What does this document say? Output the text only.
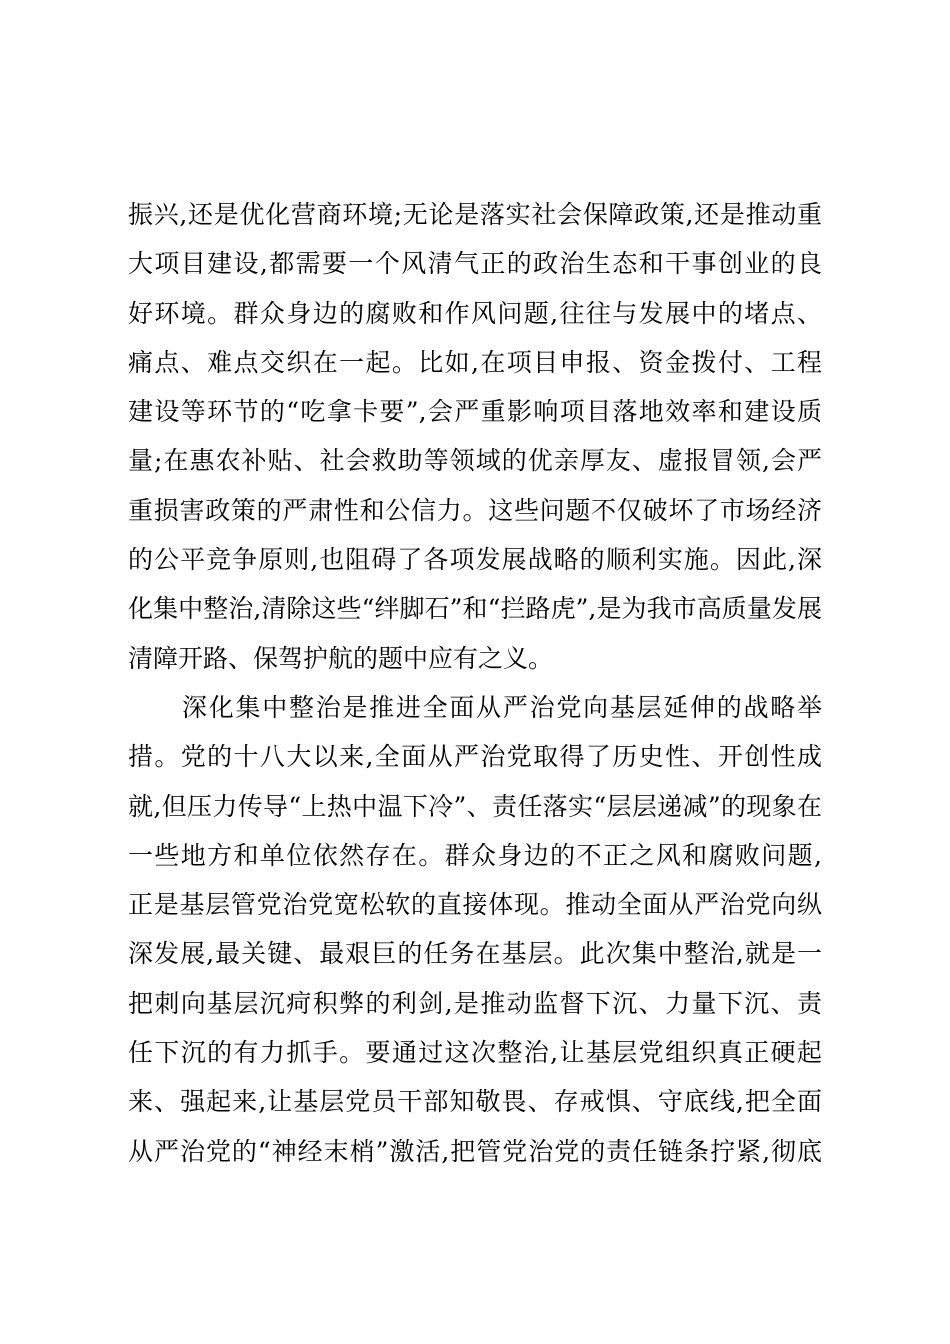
振兴,还是优化营商环境;无论是落实社会保障政策,还是推动重
大项目建设,都需要一个风清气正的政治生态和干事创业的良
好环境。群众身边的腐败和作风问题,往往与发展中的堵点、
痛点、难点交织在一起。比如,在项目申报、资金拨付、工程
建设等环节的“吃拿卡要”,会严重影响项目落地效率和建设质
量;在惠农补贴、社会救助等领域的优亲厚友、虚报冒领,会严
重损害政策的严肃性和公信力。这些问题不仅破坏了市场经济
的公平竞争原则,也阻碍了各项发展战略的顺利实施。因此,深
化集中整治,清除这些“绊脚石”和“拦路虎”,是为我市高质量发展
清障开路、保驾护航的题中应有之义。
深化集中整治是推进全面从严治党向基层延伸的战略举
措。党的十八大以来,全面从严治党取得了历史性、开创性成
就,但压力传导“上热中温下冷”、责任落实“层层递减”的现象在
一些地方和单位依然存在。群众身边的不正之风和腐败问题,
正是基层管党治党宽松软的直接体现。推动全面从严治党向纵
深发展,最关键、最艰巨的任务在基层。此次集中整治,就是一
把刺向基层沉疴积弊的利剑,是推动监督下沉、力量下沉、责
任下沉的有力抓手。要通过这次整治,让基层党组织真正硬起
来、强起来,让基层党员干部知敬畏、存戒惧、守底线,把全面
从严治党的“神经末梢”激活,把管党治党的责任链条拧紧,彻底
